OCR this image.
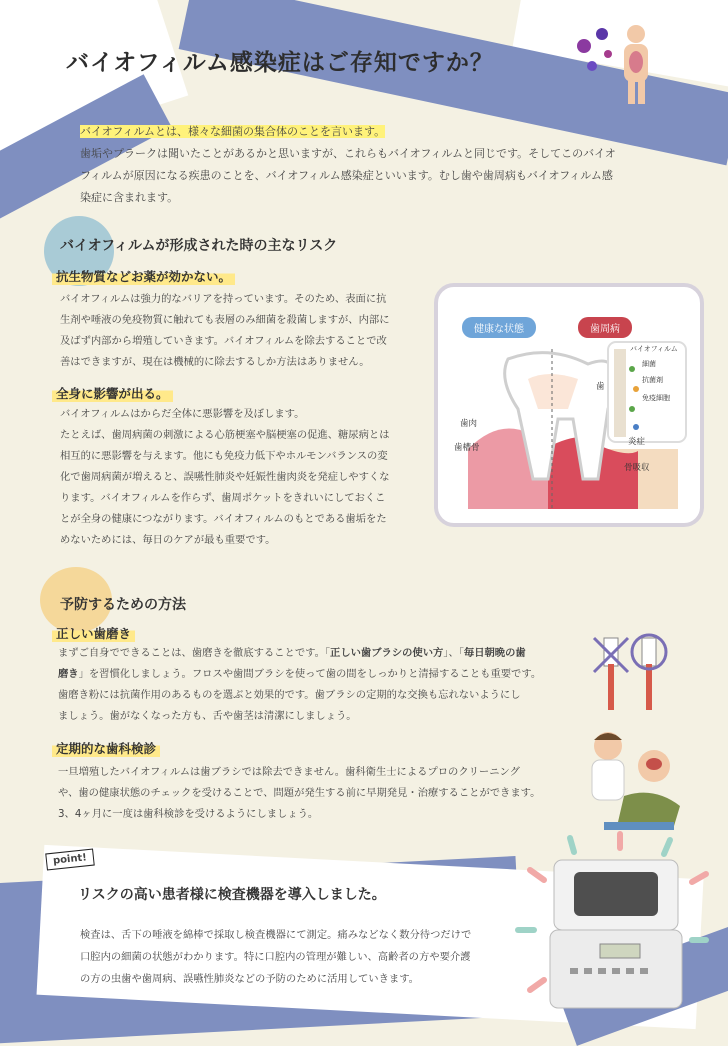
バイオフィルム感染症はご存知ですか？
バイオフィルムとは、様々な細菌の集合体のことを言います。
歯垢やプラークは聞いたことがあるかと思いますが、これらもバイオフィルムと同じです。そしてこのバイオ
フィルムが原因になる疾患のことを、バイオフィルム感染症といいます。むし歯や歯周病もバイオフィルム感
染症に含まれます。
バイオフィルムが形成された時の主なリスク
抗生物質などお薬が効かない。
バイオフィルムは強力的なバリアを持っています。そのため、表面に抗
生剤や唾液の免疫物質に触れても表層のみ細菌を殺菌しますが、内部に
及ばず内部から増殖していきます。バイオフィルムを除去することで改
善はできますが、現在は機械的に除去するしか方法はありません。
全身に影響が出る。
バイオフィルムはからだ全体に悪影響を及ぼします。
たとえば、歯周病菌の刺激による心筋梗塞や脳梗塞の促進、糖尿病とは
相互的に悪影響を与えます。他にも免疫力低下やホルモンバランスの変
化で歯周病菌が増えると、誤嚥性肺炎や妊娠性歯肉炎を発症しやすくな
ります。バイオフィルムを作らず、歯周ポケットをきれいにしておくこ
とが全身の健康につながります。バイオフィルムのもとである歯垢をた
めないためには、毎日のケアが最も重要です。
健康な状態	歯周病
バイオフィルム
細菌
抗菌剤
免疫細胞
歯
歯肉
歯槽骨
炎症
骨吸収
予防するための方法
正しい歯磨き
まずご自身でできることは、歯磨きを徹底することです。「正しい歯ブラシの使い方」、「毎日朝晩の歯
磨き」を習慣化しましょう。フロスや歯間ブラシを使って歯の間をしっかりと清掃することも重要です。
歯磨き粉には抗菌作用のあるものを選ぶと効果的です。歯ブラシの定期的な交換も忘れないようにし
ましょう。歯がなくなった方も、舌や歯茎は清潔にしましょう。
定期的な歯科検診
一旦増殖したバイオフィルムは歯ブラシでは除去できません。歯科衛生士によるプロのクリーニング
や、歯の健康状態のチェックを受けることで、問題が発生する前に早期発見・治療することができます。
3、4ヶ月に一度は歯科検診を受けるようにしましょう。
point!
リスクの高い患者様に検査機器を導入しました。
検査は、舌下の唾液を綿棒で採取し検査機器にて測定。痛みなどなく数分待つだけで
口腔内の細菌の状態がわかります。特に口腔内の管理が難しい、高齢者の方や要介護
の方の虫歯や歯周病、誤嚥性肺炎などの予防のために活用していきます。
